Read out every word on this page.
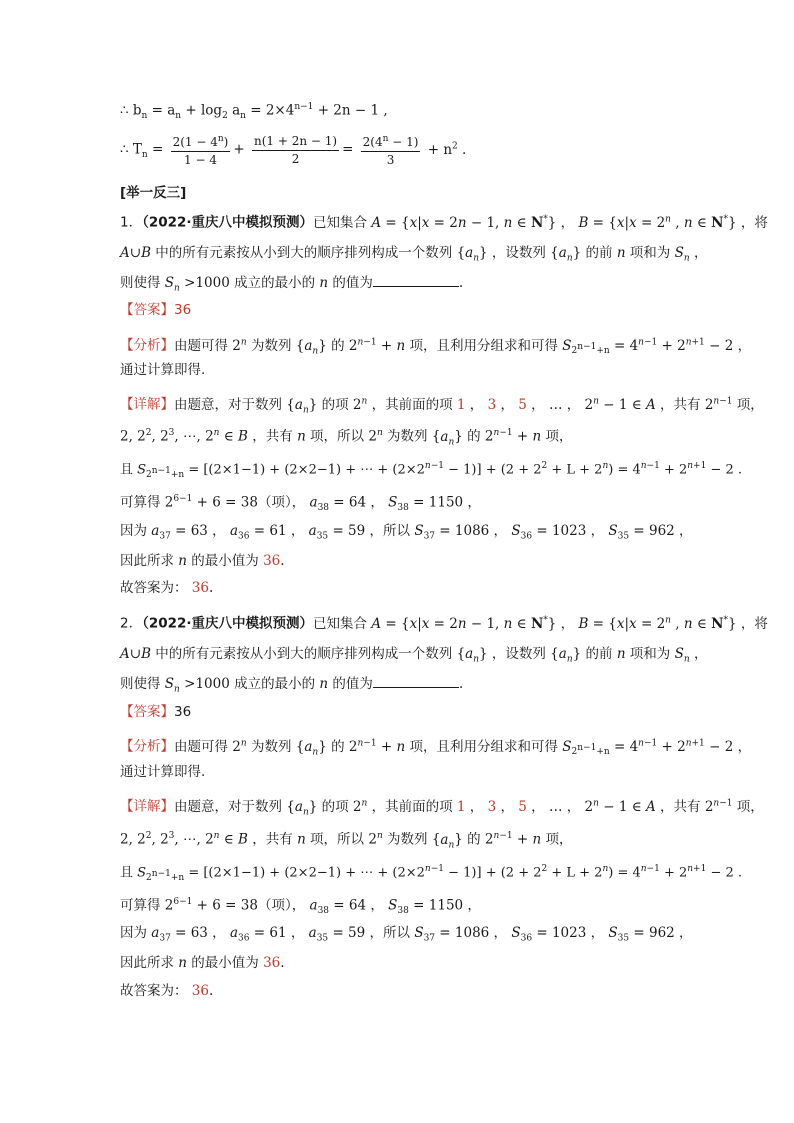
∴ $b_n = a_n + \log_2 a_n = 2\times 4^{n-1} + 2n - 1$ ,
∴ $T_n = \frac{2(1 - 4^n)}{1 - 4} + \frac{n(1 + 2n - 1)}{2} = \frac{2(4^n - 1)}{3} + n^2$ .
[举一反三]
1．（2022·重庆八中模拟预测）已知集合 A = {x|x = 2n − 1, n ∈ N*} ， $B = \{x|x = 2^n$ , n ∈ N*} ，将
A∪B 中的所有元素按从小到大的顺序排列构成一个数列 $\{a_n\}$ ，设数列 $\{a_n\}$ 的前 n 项和为 $S_n$ ，
则使得 $S_n >1000$ 成立的最小的 n 的值为	.
【答案】36
【分析】由题可得 2$^n$ 为数列 $\{a_n\}$ 的 $2^{n-1} + n$ 项，且利用分组求和可得 $S_{2^{n-1}+n} = 4^{n-1} + 2^{n+1} - 2$ ，
通过计算即得.
【详解】由题意，对于数列 $\{a_n\}$ 的项 2$^n$ ，其前面的项 1 ， 3 ， 5 ， … ， $2^n - 1$ ∈ A ，共有 $2^{n-1}$ 项，
2, $2^2$, $2^3$, ⋯, 2$^n$ ∈ B ，共有 n 项，所以 2$^n$ 为数列 $\{a_n\}$ 的 $2^{n-1} + n$ 项，
且 $S_{2^{n-1}+n} = [(2\times 1-1) + (2\times 2-1)$ + ⋯ + $(2\times 2^{n-1} - 1)] + (2 + 2^2 + L + 2^n) = 4^{n-1} + 2^{n+1} - 2$ .
可算得 $2^{6-1} + 6 = 38$（项）， $a_{38} = 64$ ， $S_{38} = 1150$ ，
因为 $a_{37} = 63$ ， $a_{36} = 61$ ， $a_{35} = 59$ ，所以 $S_{37} = 1086$ ， $S_{36} = 1023$ ， $S_{35} = 962$ ，
因此所求 n 的最小值为 36.
故答案为： 36.
2．（2022·重庆八中模拟预测）已知集合 A = {x|x = 2n − 1, n ∈ N*} ， $B = \{x|x = 2^n$ , n ∈ N*} ，将
A∪B 中的所有元素按从小到大的顺序排列构成一个数列 $\{a_n\}$ ，设数列 $\{a_n\}$ 的前 n 项和为 $S_n$ ，
则使得 $S_n >1000$ 成立的最小的 n 的值为	.
【答案】36
【分析】由题可得 2$^n$ 为数列 $\{a_n\}$ 的 $2^{n-1} + n$ 项，且利用分组求和可得 $S_{2^{n-1}+n} = 4^{n-1} + 2^{n+1} - 2$ ，
通过计算即得.
【详解】由题意，对于数列 $\{a_n\}$ 的项 2$^n$ ，其前面的项 1 ， 3 ， 5 ， … ， $2^n - 1$ ∈ A ，共有 $2^{n-1}$ 项，
2, $2^2$, $2^3$, ⋯, 2$^n$ ∈ B ，共有 n 项，所以 2$^n$ 为数列 $\{a_n\}$ 的 $2^{n-1} + n$ 项，
且 $S_{2^{n-1}+n} = [(2\times 1-1) + (2\times 2-1)$ + ⋯ + $(2\times 2^{n-1} - 1)] + (2 + 2^2 + L + 2^n) = 4^{n-1} + 2^{n+1} - 2$ .
可算得 $2^{6-1} + 6 = 38$（项）， $a_{38} = 64$ ， $S_{38} = 1150$ ，
因为 $a_{37} = 63$ ， $a_{36} = 61$ ， $a_{35} = 59$ ，所以 $S_{37} = 1086$ ， $S_{36} = 1023$ ， $S_{35} = 962$ ，
因此所求 n 的最小值为 36.
故答案为： 36.
